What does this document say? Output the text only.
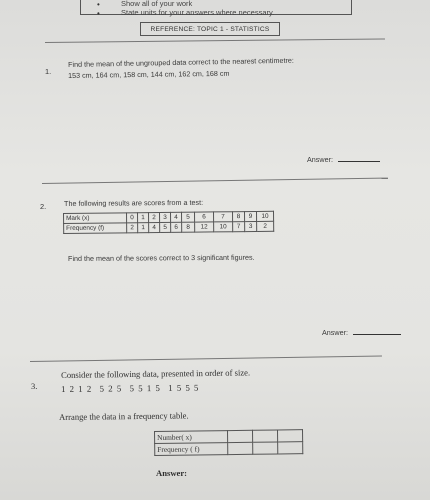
•	Show all of your work
•	State units for your answers where necessary.
REFERENCE: TOPIC 1 - STATISTICS
1.
Find the mean of the ungrouped data correct to the nearest centimetre:
153 cm, 164 cm, 158 cm, 144 cm, 162 cm, 168 cm
Answer:
2. The following results are scores from a test:
Mark (x)	0	1	2	3	4	5	6	7	8	9	10
Frequency (f)	2	1	4	5	6	8	12	10	7	3	2
Find the mean of the scores correct to 3 significant figures.
Answer:
3.
Consider the following data, presented in order of size.
1 2 1 2  5 2 5  5 5 1 5  1 5 5 5
Arrange the data in a frequency table.
Number( x)			
Frequency ( f)			
Answer:
